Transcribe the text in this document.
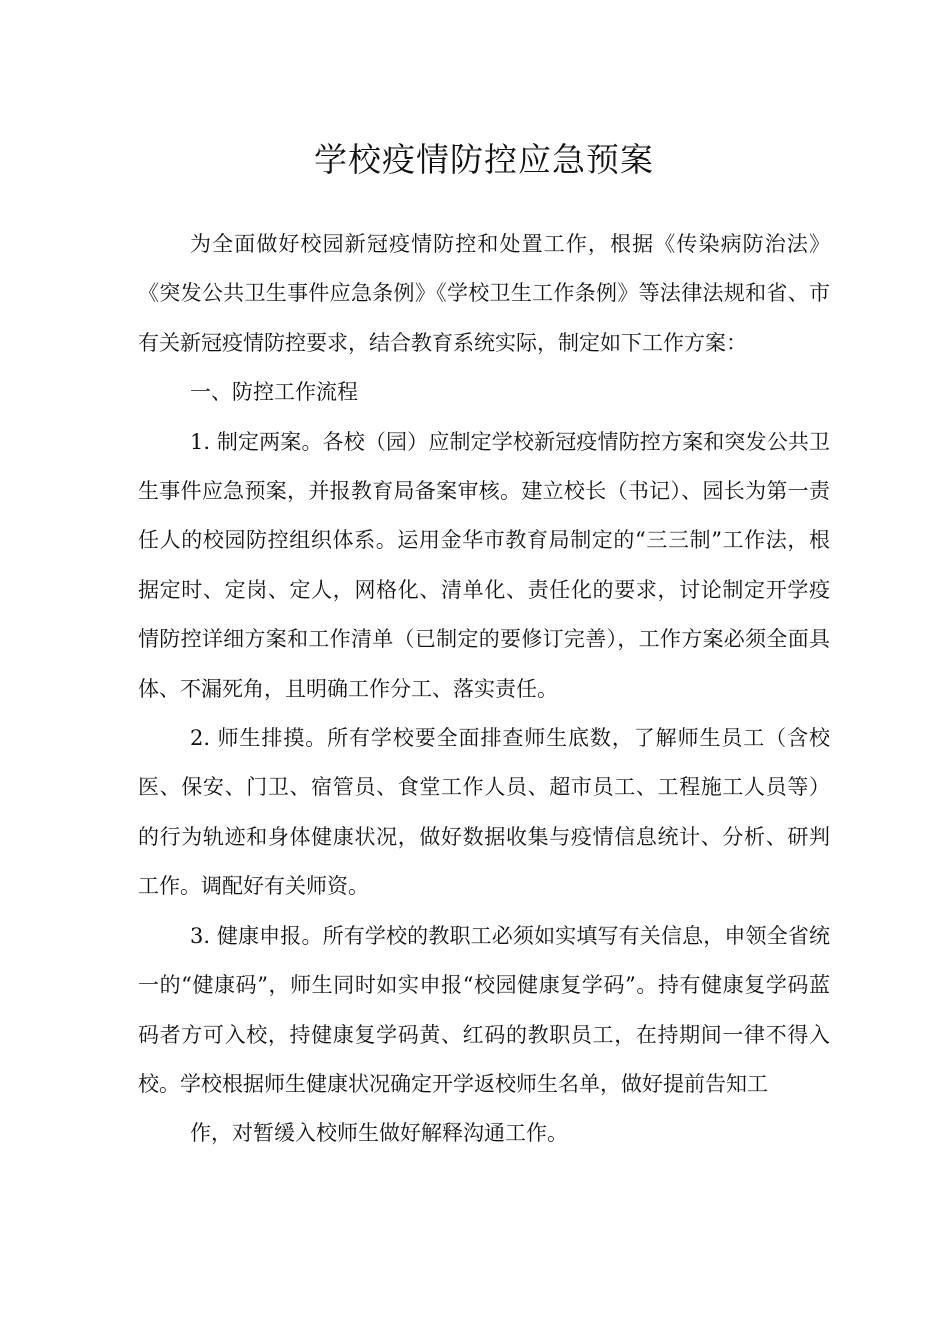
学校疫情防控应急预案

为全面做好校园新冠疫情防控和处置工作，根据《传染病防治法》《突发公共卫生事件应急条例》《学校卫生工作条例》等法律法规和省、市有关新冠疫情防控要求，结合教育系统实际，制定如下工作方案：

一、防控工作流程

1. 制定两案。各校（园）应制定学校新冠疫情防控方案和突发公共卫生事件应急预案，并报教育局备案审核。建立校长（书记）、园长为第一责任人的校园防控组织体系。运用金华市教育局制定的“三三制”工作法，根据定时、定岗、定人，网格化、清单化、责任化的要求，讨论制定开学疫情防控详细方案和工作清单（已制定的要修订完善），工作方案必须全面具体、不漏死角，且明确工作分工、落实责任。

2. 师生排摸。所有学校要全面排查师生底数，了解师生员工（含校医、保安、门卫、宿管员、食堂工作人员、超市员工、工程施工人员等）的行为轨迹和身体健康状况，做好数据收集与疫情信息统计、分析、研判工作。调配好有关师资。

3. 健康申报。所有学校的教职工必须如实填写有关信息，申领全省统一的“健康码”，师生同时如实申报“校园健康复学码”。持有健康复学码蓝码者方可入校，持健康复学码黄、红码的教职员工，在持期间一律不得入校。学校根据师生健康状况确定开学返校师生名单，做好提前告知工

作，对暂缓入校师生做好解释沟通工作。
